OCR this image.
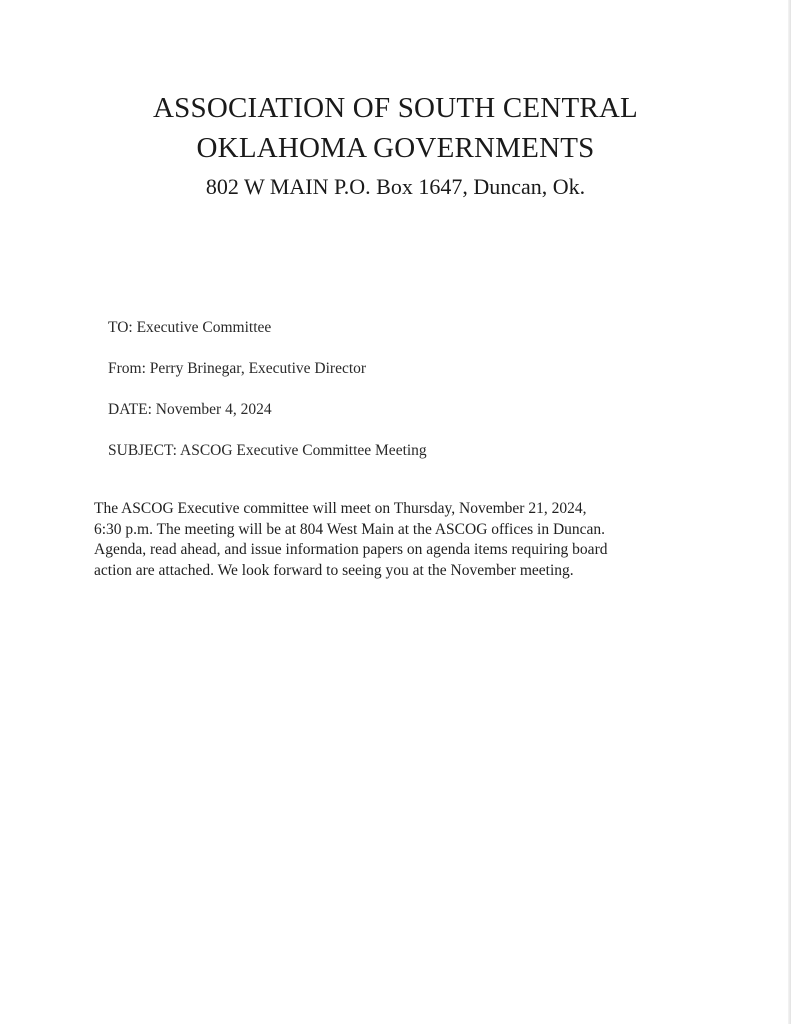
ASSOCIATION OF SOUTH CENTRAL
OKLAHOMA GOVERNMENTS
802 W MAIN P.O. Box 1647, Duncan, Ok.
TO: Executive Committee
From: Perry Brinegar, Executive Director
DATE: November 4, 2024
SUBJECT: ASCOG Executive Committee Meeting
The ASCOG Executive committee will meet on Thursday, November 21, 2024,
6:30 p.m. The meeting will be at 804 West Main at the ASCOG offices in Duncan.
Agenda, read ahead, and issue information papers on agenda items requiring board
action are attached. We look forward to seeing you at the November meeting.
